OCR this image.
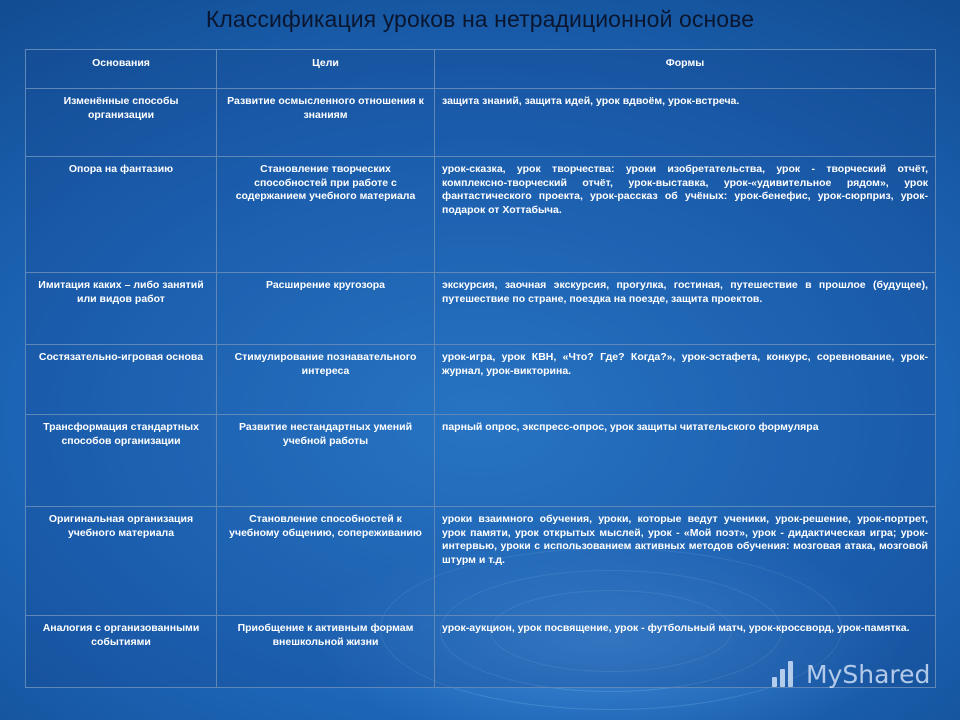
Классификация уроков на нетрадиционной основе
Основания	Цели	Формы
Изменённые способы организации	Развитие осмысленного отношения к знаниям	защита знаний, защита идей, урок вдвоём, урок-встреча.
Опора на фантазию	Становление творческих способностей при работе с содержанием учебного материала	урок-сказка, урок творчества: уроки изобретательства, урок - творческий отчёт, комплексно-творческий отчёт, урок-выставка, урок-«удивительное рядом», урок фантастического проекта, урок-рассказ об учёных: урок-бенефис, урок-сюрприз, урок-подарок от Хоттабыча.
Имитация каких – либо занятий или видов работ	Расширение кругозора	экскурсия, заочная экскурсия, прогулка, гостиная, путешествие в прошлое (будущее), путешествие по стране, поездка на поезде, защита проектов.
Состязательно-игровая основа	Стимулирование познавательного интереса	урок-игра, урок КВН, «Что? Где? Когда?», урок-эстафета, конкурс, соревнование, урок-журнал, урок-викторина.
Трансформация стандартных способов организации	Развитие нестандартных умений учебной работы	парный опрос, экспресс-опрос, урок защиты читательского формуляра
Оригинальная организация учебного материала	Становление способностей к учебному общению, сопереживанию	уроки взаимного обучения, уроки, которые ведут ученики, урок-решение, урок-портрет, урок памяти, урок открытых мыслей, урок - «Мой поэт», урок - дидактическая игра; урок-интервью, уроки с использованием активных методов обучения: мозговая атака, мозговой штурм и т.д.
Аналогия с организованными событиями	Приобщение к активным формам внешкольной жизни	урок-аукцион, урок посвящение, урок - футбольный матч, урок-кроссворд, урок-памятка.
MyShared
